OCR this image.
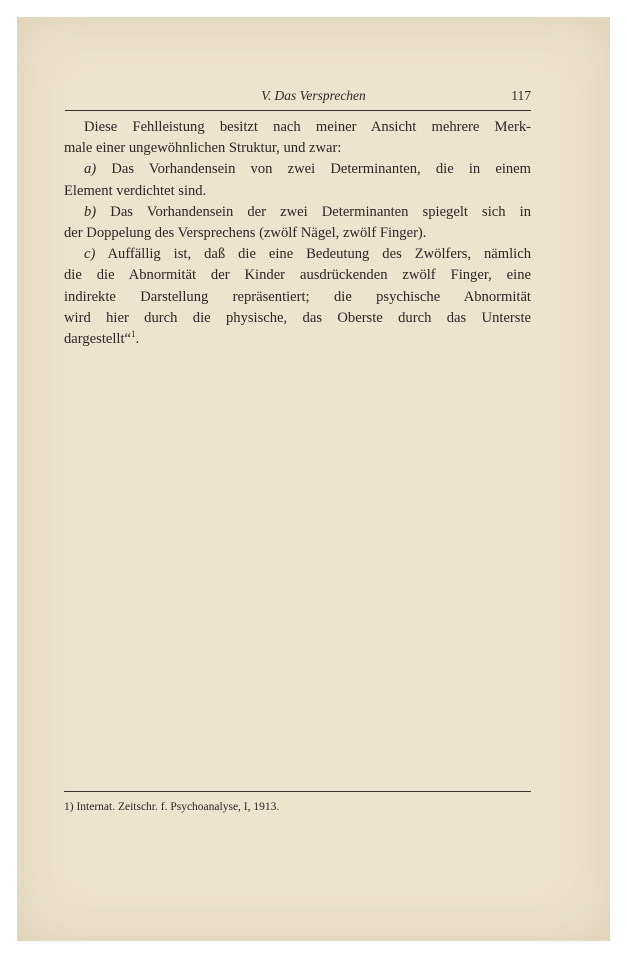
V. Das Versprechen	117
Diese Fehlleistung besitzt nach meiner Ansicht mehrere Merk-
male einer ungewöhnlichen Struktur, und zwar:
a) Das Vorhandensein von zwei Determinanten, die in einem
Element verdichtet sind.
b) Das Vorhandensein der zwei Determinanten spiegelt sich in
der Doppelung des Versprechens (zwölf Nägel, zwölf Finger).
c) Auffällig ist, daß die eine Bedeutung des Zwölfers, nämlich
die die Abnormität der Kinder ausdrückenden zwölf Finger, eine
indirekte Darstellung repräsentiert; die psychische Abnormität
wird hier durch die physische, das Oberste durch das Unterste
dargestellt“$^1$.
1) Internat. Zeitschr. f. Psychoanalyse, I, 1913.
